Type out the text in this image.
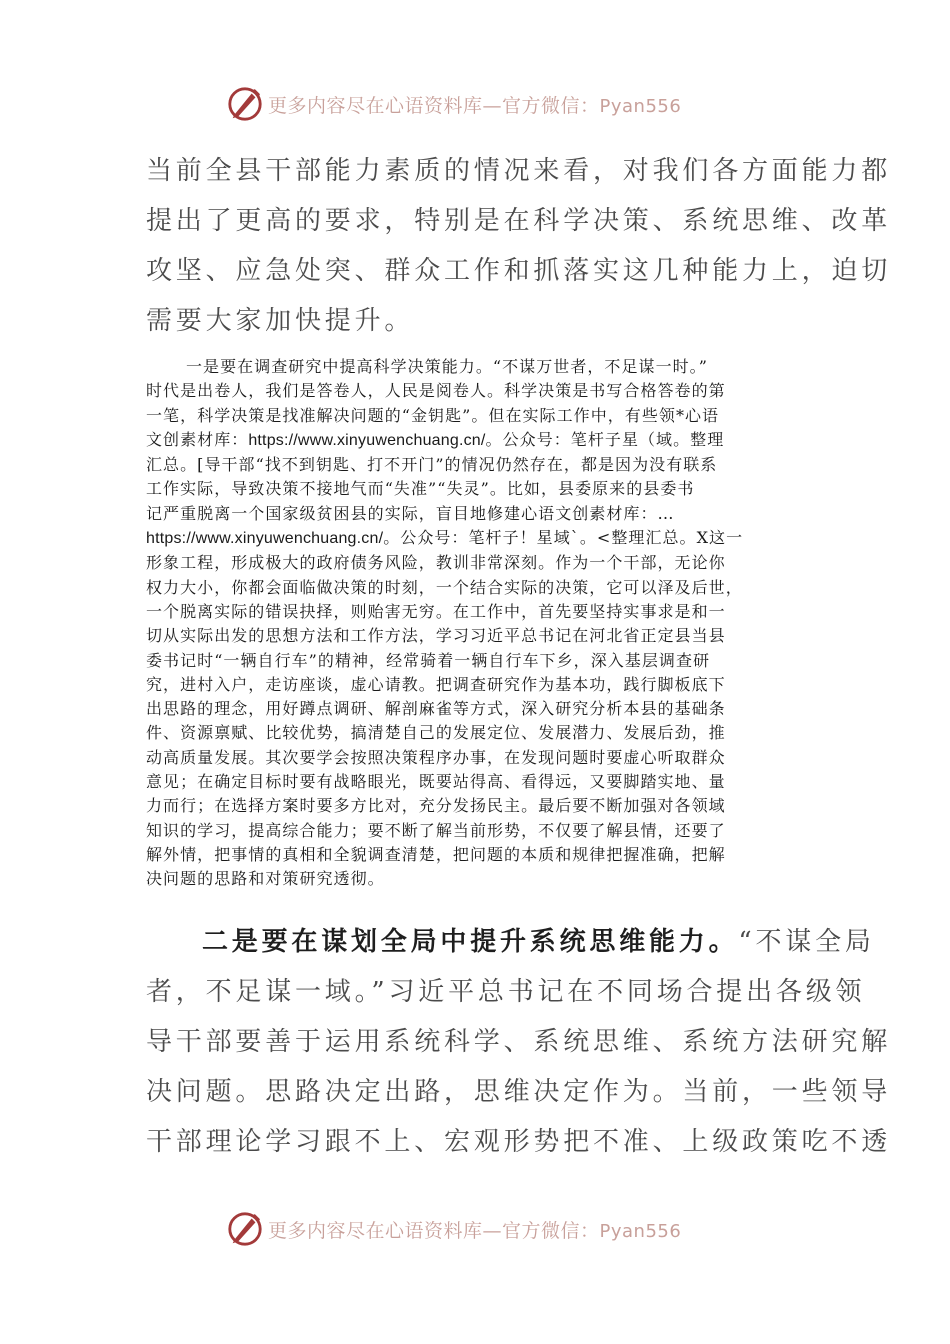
更多内容尽在心语资料库—官方微信：Pyan556
当前全县干部能力素质的情况来看，对我们各方面能力都
提出了更高的要求，特别是在科学决策、系统思维、改革
攻坚、应急处突、群众工作和抓落实这几种能力上，迫切
需要大家加快提升。
一是要在调查研究中提高科学决策能力。“不谋万世者，不足谋一时。”
时代是出卷人，我们是答卷人，人民是阅卷人。科学决策是书写合格答卷的第
一笔，科学决策是找准解决问题的“金钥匙”。但在实际工作中，有些领*心语
文创素材库：https://www.xinyuwenchuang.cn/。公众号：笔杆子星（域。整理
汇总。[导干部“找不到钥匙、打不开门”的情况仍然存在，都是因为没有联系
工作实际，导致决策不接地气而“失准”“失灵”。比如，县委原来的县委书
记严重脱离一个国家级贫困县的实际，盲目地修建心语文创素材库：…
https://www.xinyuwenchuang.cn/。公众号：笔杆子！星域`。<整理汇总。X这一
形象工程，形成极大的政府债务风险，教训非常深刻。作为一个干部，无论你
权力大小，你都会面临做决策的时刻，一个结合实际的决策，它可以泽及后世，
一个脱离实际的错误抉择，则贻害无穷。在工作中，首先要坚持实事求是和一
切从实际出发的思想方法和工作方法，学习习近平总书记在河北省正定县当县
委书记时“一辆自行车”的精神，经常骑着一辆自行车下乡，深入基层调查研
究，进村入户，走访座谈，虚心请教。把调查研究作为基本功，践行脚板底下
出思路的理念，用好蹲点调研、解剖麻雀等方式，深入研究分析本县的基础条
件、资源禀赋、比较优势，搞清楚自己的发展定位、发展潜力、发展后劲，推
动高质量发展。其次要学会按照决策程序办事，在发现问题时要虚心听取群众
意见；在确定目标时要有战略眼光，既要站得高、看得远，又要脚踏实地、量
力而行；在选择方案时要多方比对，充分发扬民主。最后要不断加强对各领域
知识的学习，提高综合能力；要不断了解当前形势，不仅要了解县情，还要了
解外情，把事情的真相和全貌调查清楚，把问题的本质和规律把握准确，把解
决问题的思路和对策研究透彻。
二是要在谋划全局中提升系统思维能力。“不谋全局
者，不足谋一域。”习近平总书记在不同场合提出各级领
导干部要善于运用系统科学、系统思维、系统方法研究解
决问题。思路决定出路，思维决定作为。当前，一些领导
干部理论学习跟不上、宏观形势把不准、上级政策吃不透
更多内容尽在心语资料库—官方微信：Pyan556
